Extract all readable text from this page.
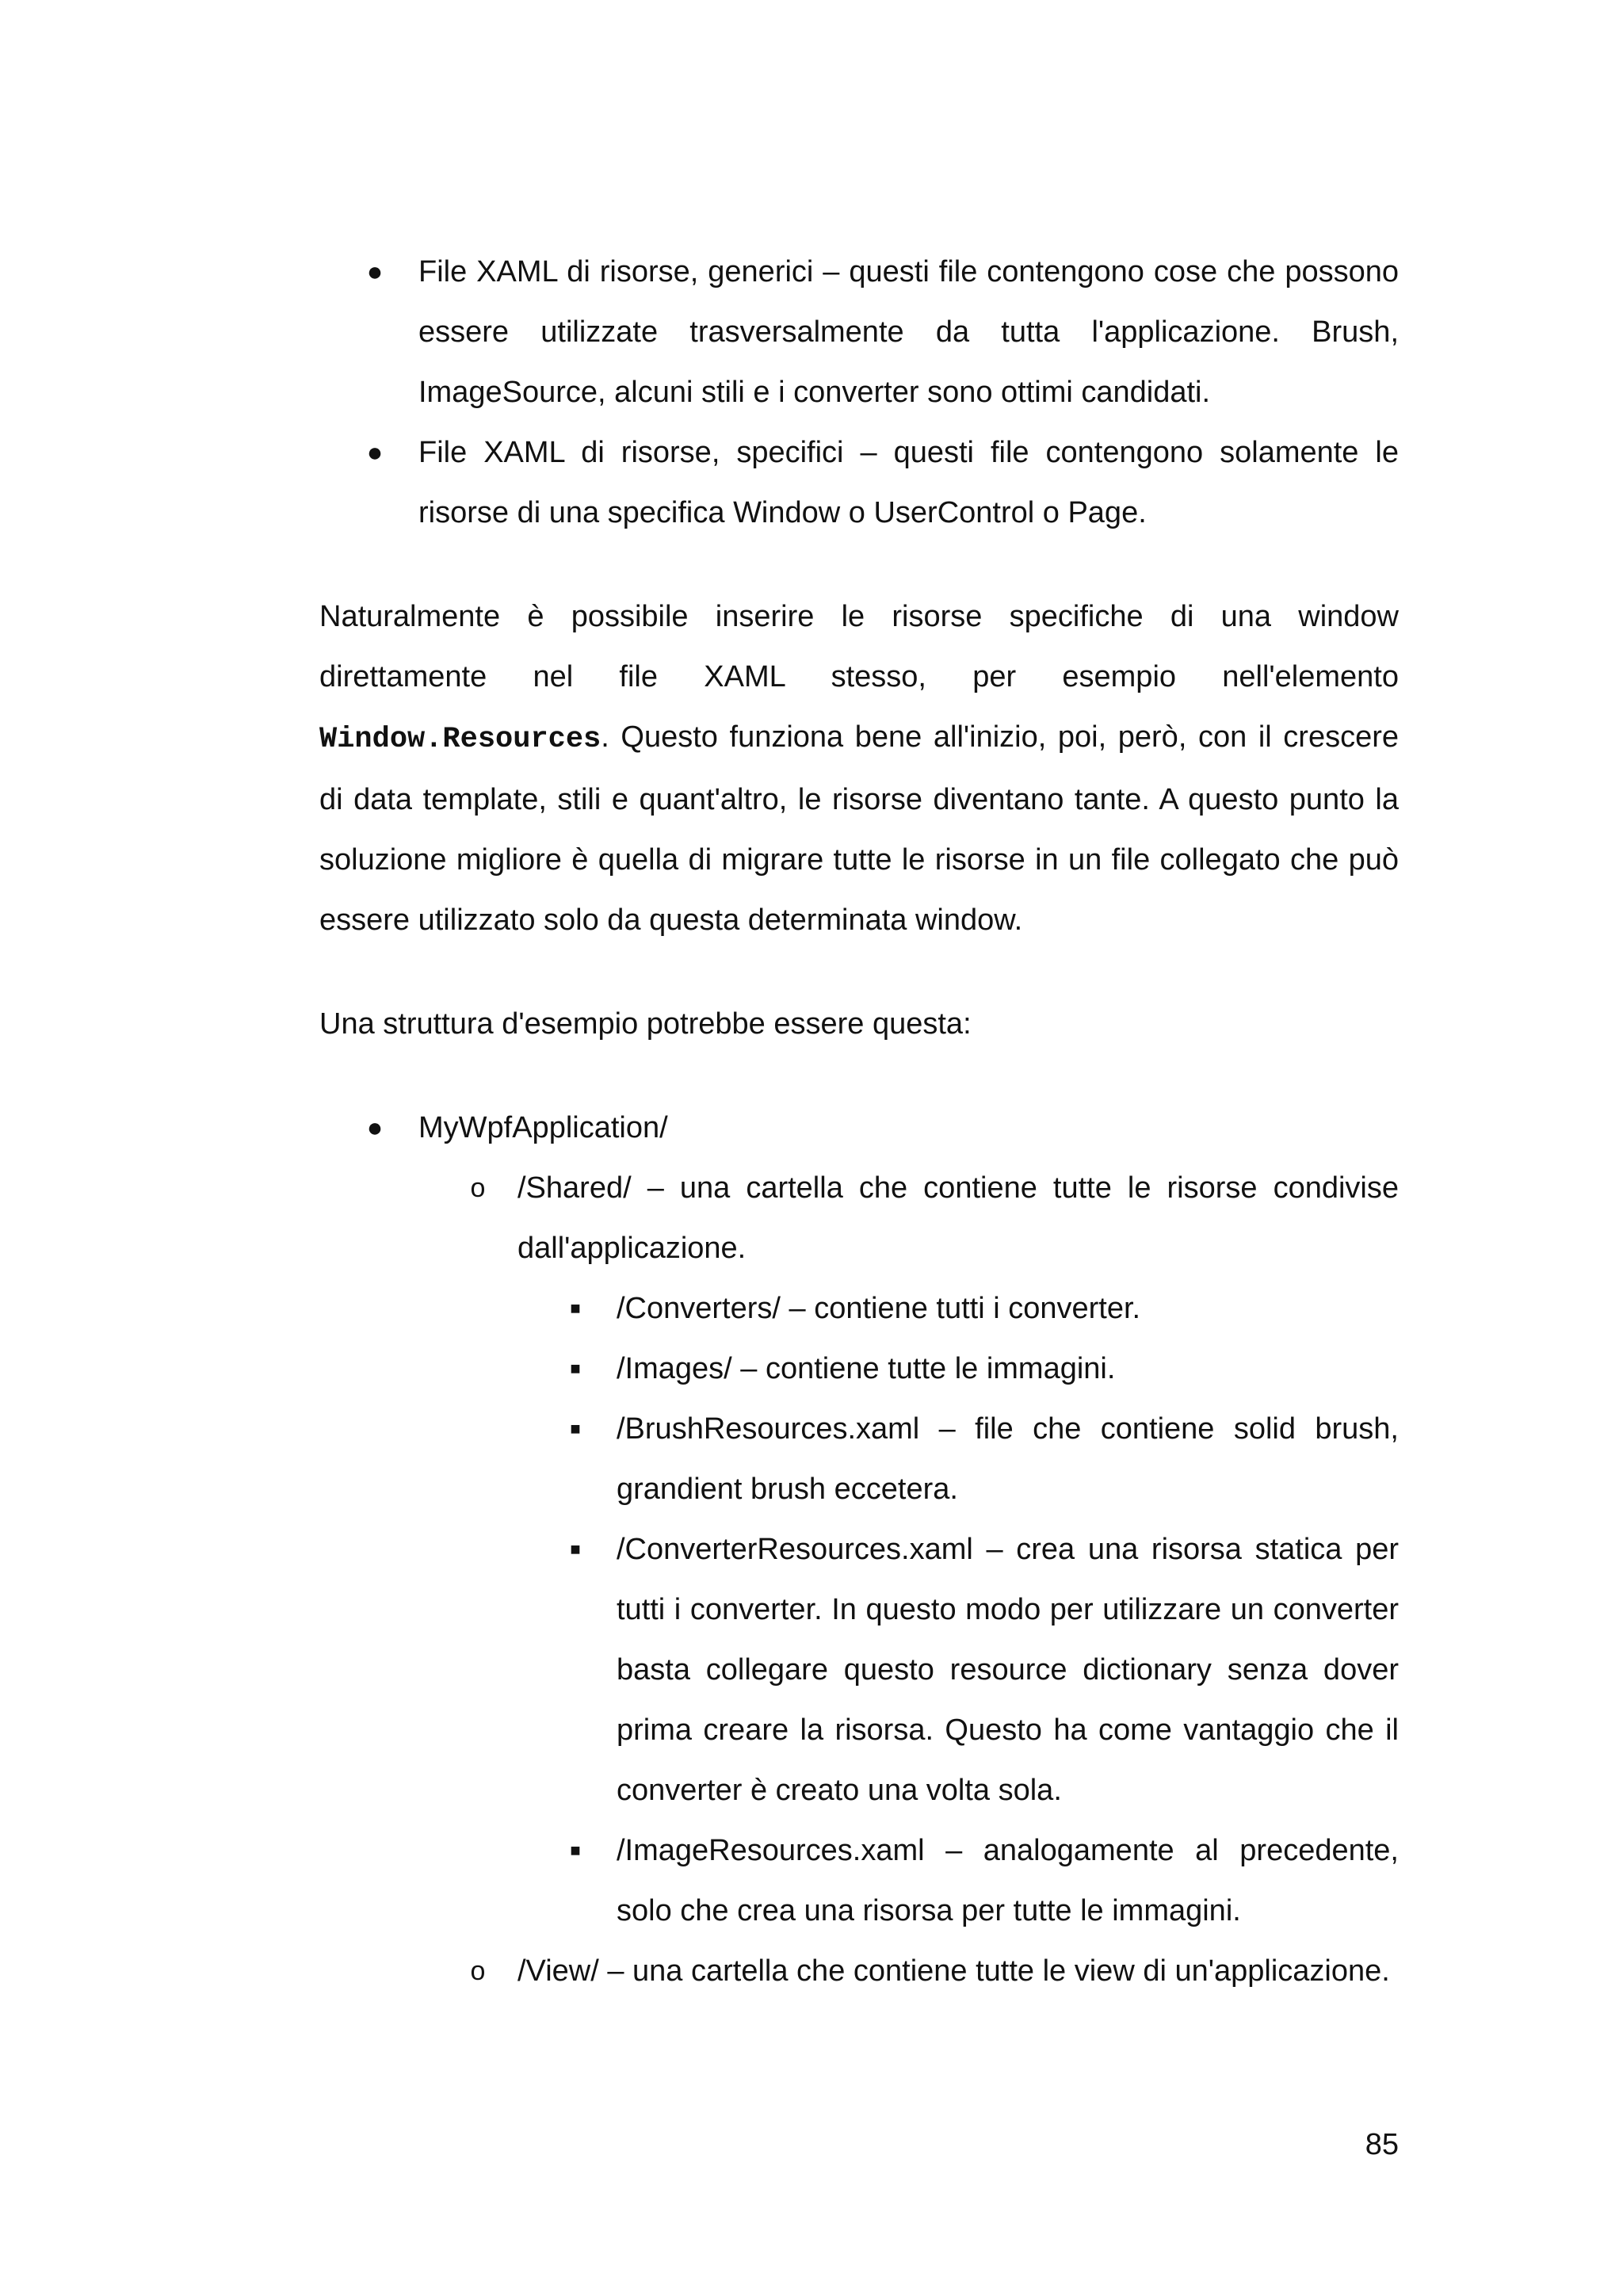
● File XAML di risorse, generici – questi file contengono cose che possono essere utilizzate trasversalmente da tutta l'applicazione. Brush, ImageSource, alcuni stili e i converter sono ottimi candidati.
● File XAML di risorse, specifici – questi file contengono solamente le risorse di una specifica Window o UserControl o Page.

Naturalmente è possibile inserire le risorse specifiche di una window direttamente nel file XAML stesso, per esempio nell'elemento Window.Resources. Questo funziona bene all'inizio, poi, però, con il crescere di data template, stili e quant'altro, le risorse diventano tante. A questo punto la soluzione migliore è quella di migrare tutte le risorse in un file collegato che può essere utilizzato solo da questa determinata window.

Una struttura d'esempio potrebbe essere questa:

● MyWpfApplication/
o /Shared/ – una cartella che contiene tutte le risorse condivise dall'applicazione.
■	/Converters/ – contiene tutti i converter.
■	/Images/ – contiene tutte le immagini.
■	/BrushResources.xaml – file che contiene solid brush, grandient brush eccetera.
■	/ConverterResources.xaml – crea una risorsa statica per tutti i converter. In questo modo per utilizzare un converter basta collegare questo resource dictionary senza dover prima creare la risorsa. Questo ha come vantaggio che il converter è creato una volta sola.
■	/ImageResources.xaml – analogamente al precedente, solo che crea una risorsa per tutte le immagini.
o /View/ – una cartella che contiene tutte le view di un'applicazione.
85
